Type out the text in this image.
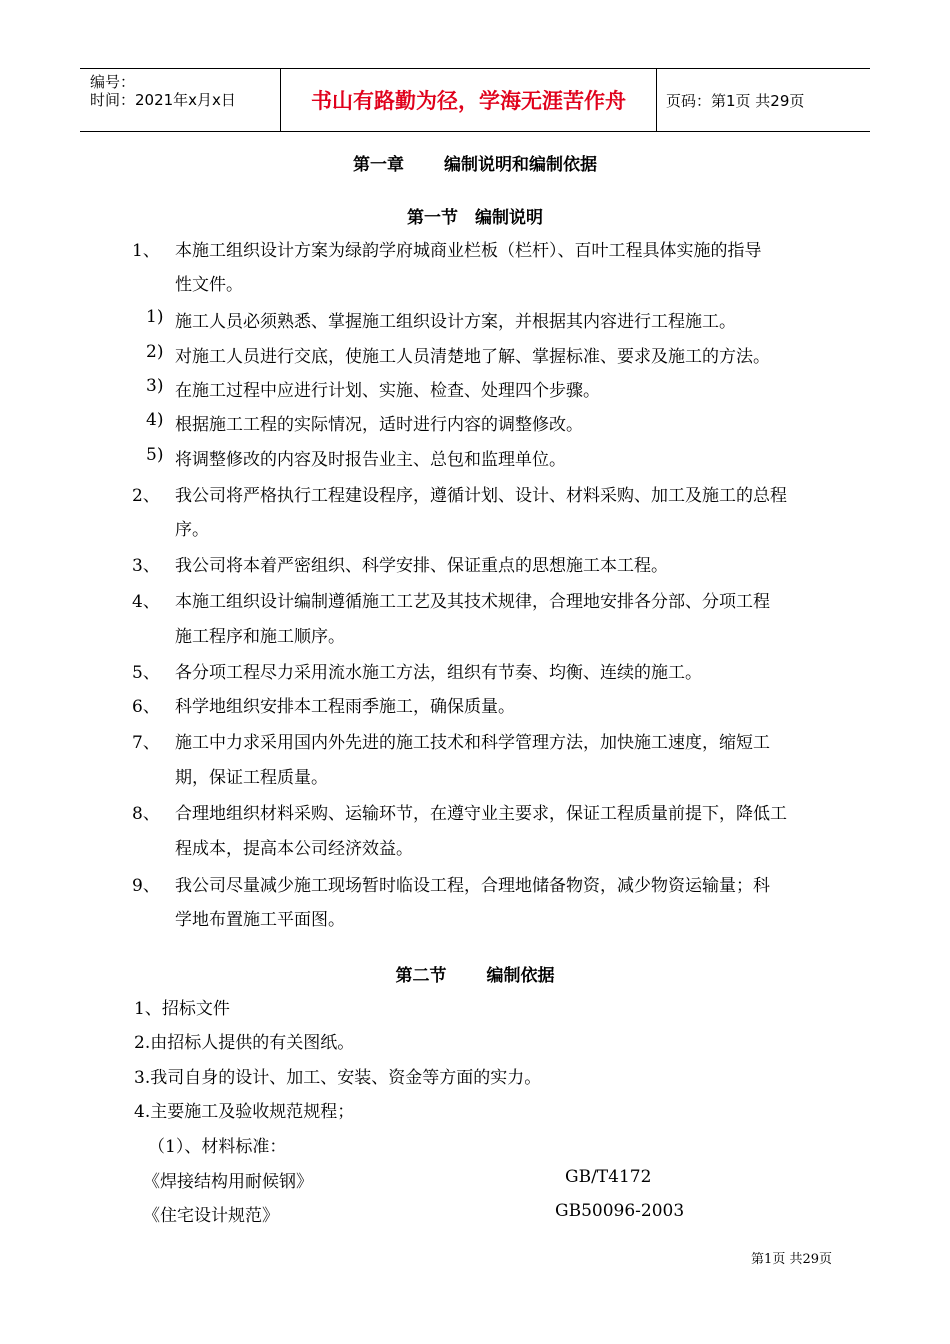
编号：
时间：2021年x月x日	书山有路勤为径，学海无涯苦作舟	页码：第1页 共29页
第一章 编制说明和编制依据
第一节 编制说明
1、 本施工组织设计方案为绿韵学府城商业栏板（栏杆）、百叶工程具体实施的指导
性文件。
1) 施工人员必须熟悉、掌握施工组织设计方案，并根据其内容进行工程施工。
2) 对施工人员进行交底，使施工人员清楚地了解、掌握标准、要求及施工的方法。
3) 在施工过程中应进行计划、实施、检查、处理四个步骤。
4) 根据施工工程的实际情况，适时进行内容的调整修改。
5) 将调整修改的内容及时报告业主、总包和监理单位。
2、 我公司将严格执行工程建设程序，遵循计划、设计、材料采购、加工及施工的总程
序。
3、 我公司将本着严密组织、科学安排、保证重点的思想施工本工程。
4、 本施工组织设计编制遵循施工工艺及其技术规律，合理地安排各分部、分项工程
施工程序和施工顺序。
5、 各分项工程尽力采用流水施工方法，组织有节奏、均衡、连续的施工。
6、 科学地组织安排本工程雨季施工，确保质量。
7、 施工中力求采用国内外先进的施工技术和科学管理方法，加快施工速度，缩短工
期，保证工程质量。
8、 合理地组织材料采购、运输环节，在遵守业主要求，保证工程质量前提下，降低工
程成本，提高本公司经济效益。
9、 我公司尽量减少施工现场暂时临设工程，合理地储备物资，减少物资运输量；科
学地布置施工平面图。
第二节 编制依据
1、招标文件
2.由招标人提供的有关图纸。
3.我司自身的设计、加工、安装、资金等方面的实力。
4.主要施工及验收规范规程；
（1）、材料标准：
《焊接结构用耐候钢》	GB/T4172
《住宅设计规范》	GB50096-2003
第1页 共29页
